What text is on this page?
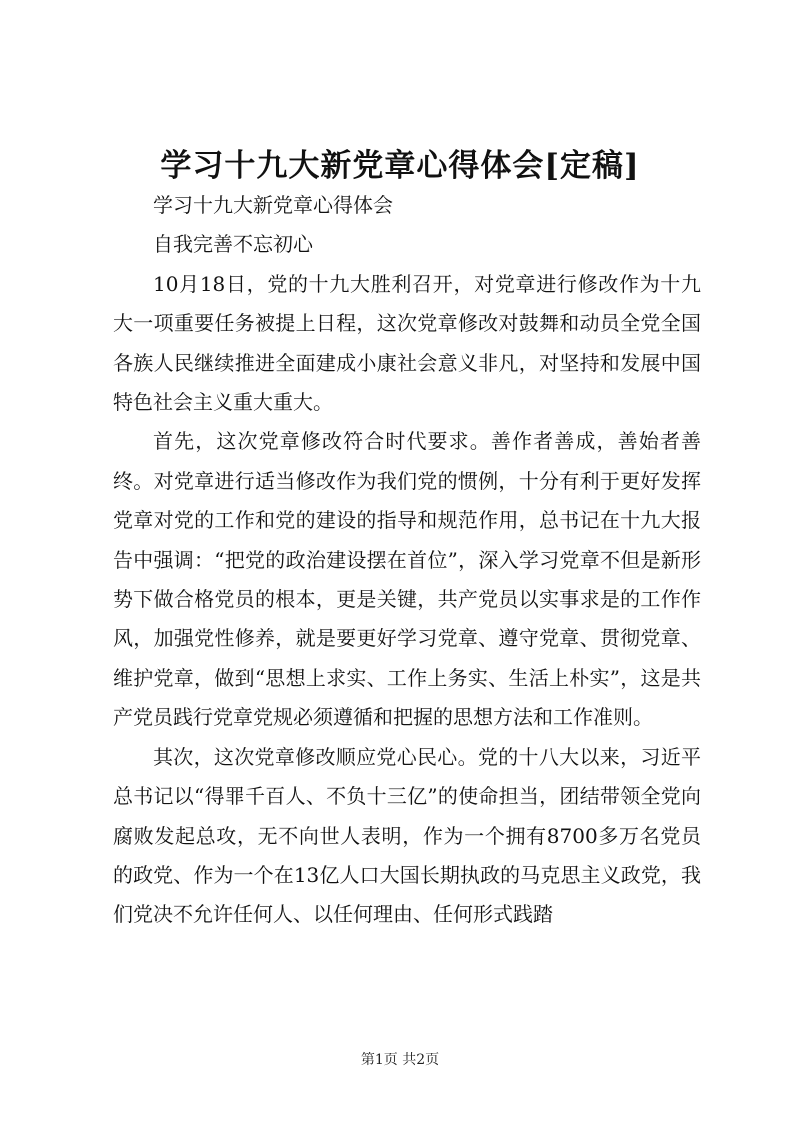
学习十九大新党章心得体会[定稿]

学习十九大新党章心得体会

自我完善不忘初心

10月18日，党的十九大胜利召开，对党章进行修改作为十九大一项重要任务被提上日程，这次党章修改对鼓舞和动员全党全国各族人民继续推进全面建成小康社会意义非凡，对坚持和发展中国特色社会主义重大重大。

首先，这次党章修改符合时代要求。善作者善成，善始者善终。对党章进行适当修改作为我们党的惯例，十分有利于更好发挥党章对党的工作和党的建设的指导和规范作用，总书记在十九大报告中强调：“把党的政治建设摆在首位”，深入学习党章不但是新形势下做合格党员的根本，更是关键，共产党员以实事求是的工作作风，加强党性修养，就是要更好学习党章、遵守党章、贯彻党章、维护党章，做到“思想上求实、工作上务实、生活上朴实”，这是共产党员践行党章党规必须遵循和把握的思想方法和工作准则。

其次，这次党章修改顺应党心民心。党的十八大以来，习近平总书记以“得罪千百人、不负十三亿”的使命担当，团结带领全党向腐败发起总攻，无不向世人表明，作为一个拥有8700多万名党员的政党、作为一个在13亿人口大国长期执政的马克思主义政党，我们党决不允许任何人、以任何理由、任何形式践踏

第1页 共2页
